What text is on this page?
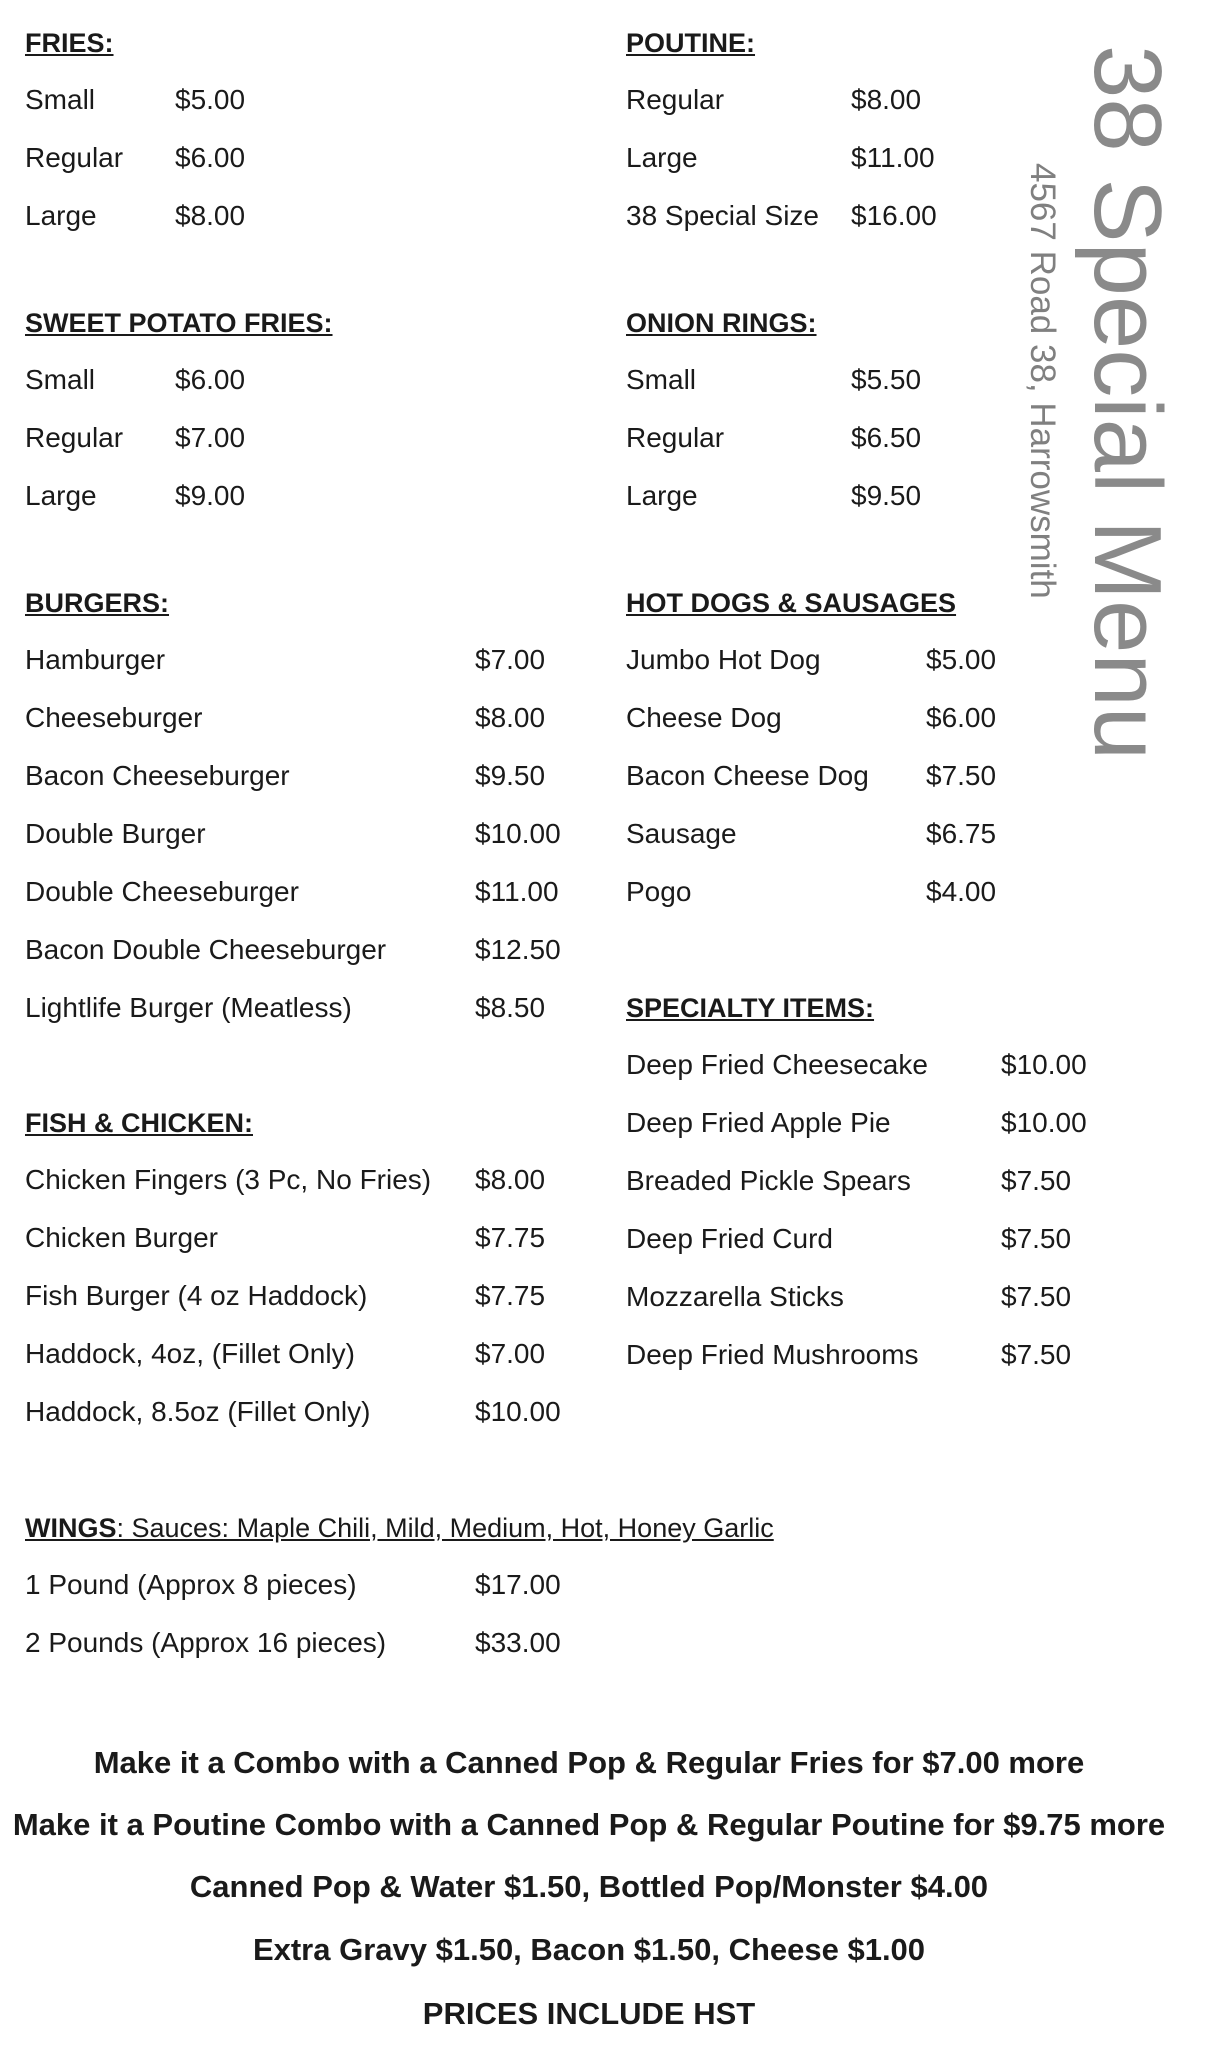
38 Special Menu
4567 Road 38, Harrowsmith
FRIES:
Small	$5.00
Regular $6.00
Large	$8.00
SWEET POTATO FRIES:
Small	$6.00
Regular $7.00
Large	$9.00
BURGERS:
Hamburger	$7.00
Cheeseburger	$8.00
Bacon Cheeseburger	$9.50
Double Burger	$10.00
Double Cheeseburger	$11.00
Bacon Double Cheeseburger	$12.50
Lightlife Burger (Meatless)	$8.50
FISH & CHICKEN:
Chicken Fingers (3 Pc, No Fries) $8.00
Chicken Burger	$7.75
Fish Burger (4 oz Haddock)	$7.75
Haddock, 4oz, (Fillet Only)	$7.00
Haddock, 8.5oz (Fillet Only)	$10.00
WINGS: Sauces: Maple Chili, Mild, Medium, Hot, Honey Garlic
1 Pound (Approx 8 pieces)	$17.00
2 Pounds (Approx 16 pieces)	$33.00
POUTINE:
Regular	$8.00
Large	$11.00
38 Special Size $16.00
ONION RINGS:
Small	$5.50
Regular	$6.50
Large	$9.50
HOT DOGS & SAUSAGES
Jumbo Hot Dog	$5.00
Cheese Dog	$6.00
Bacon Cheese Dog $7.50
Sausage	$6.75
Pogo	$4.00
SPECIALTY ITEMS:
Deep Fried Cheesecake	$10.00
Deep Fried Apple Pie	$10.00
Breaded Pickle Spears	$7.50
Deep Fried Curd	$7.50
Mozzarella Sticks	$7.50
Deep Fried Mushrooms	$7.50
Make it a Combo with a Canned Pop & Regular Fries for $7.00 more
Make it a Poutine Combo with a Canned Pop & Regular Poutine for $9.75 more
Canned Pop & Water $1.50, Bottled Pop/Monster $4.00
Extra Gravy $1.50, Bacon $1.50, Cheese $1.00
PRICES INCLUDE HST
